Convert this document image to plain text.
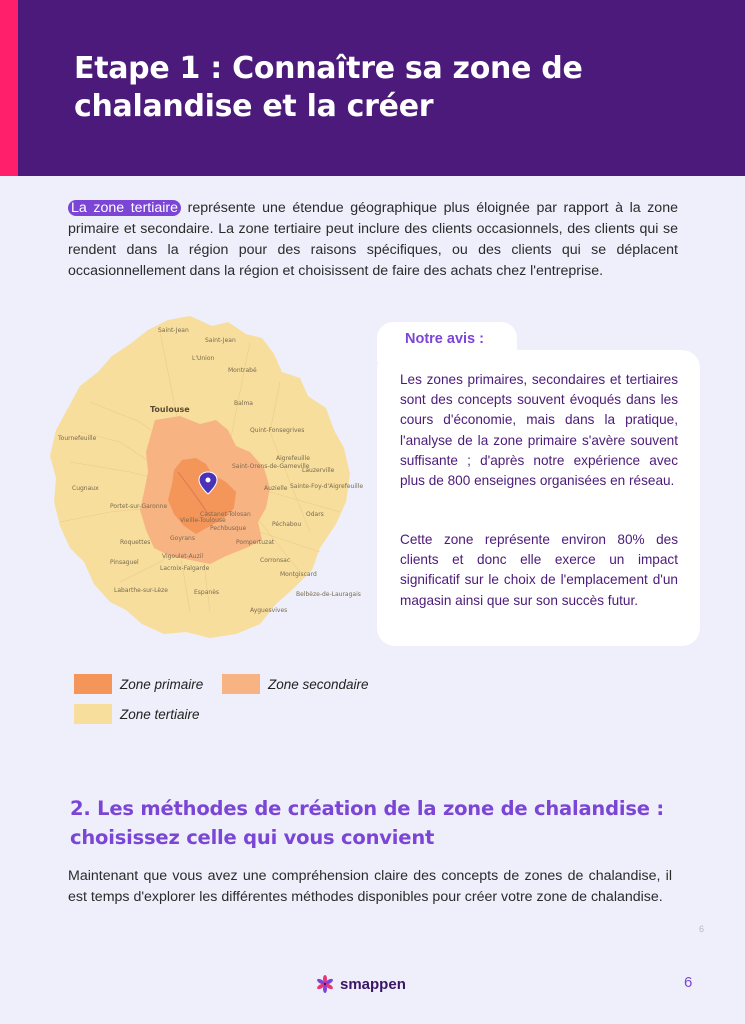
Etape 1 : Connaître sa zone de chalandise et la créer

La zone tertiaire représente une étendue géographique plus éloignée par rapport à la zone primaire et secondaire. La zone tertiaire peut inclure des clients occasionnels, des clients qui se rendent dans la région pour des raisons spécifiques, ou des clients qui se déplacent occasionnellement dans la région et choisissent de faire des achats chez l'entreprise.

Saint-Jean
Saint-Jean
L'Union
Montrabé
Balma
Toulouse
Tournefeuille
Quint-Fonsegrives
Aigrefeuille
Lauzerville
Saint-Orens-de-Gameville
Auzielle Sainte-Foy-d'Aigrefeuille
Cugnaux
Portet-sur-Garonne
Castanet-Tolosan
Pechbusque
Vieille-Toulouse
Goyrans
Pompertuzat
Roquettes
Pinsaguel
Lacroix-Falgarde
Labarthe-sur-Lèze	Espanès
Corronsac
Montgiscard
Ayguesvives
Belbèze-de-Lauragais
Odars
Péchabou
Vigoulet-Auzil
Notre avis :

Les zones primaires, secondaires et tertiaires sont des concepts souvent évoqués dans les cours d'économie, mais dans la pratique, l'analyse de la zone primaire s'avère souvent suffisante ; d'après notre expérience avec plus de 800 enseignes organisées en réseau.

Cette zone représente environ 80% des clients et donc elle exerce un impact significatif sur le choix de l'emplacement d'un magasin ainsi que sur son succès futur.

Zone primaire	Zone secondaire
Zone tertiaire
2. Les méthodes de création de la zone de chalandise : choisissez celle qui vous convient

Maintenant que vous avez une compréhension claire des concepts de zones de chalandise, il est temps d'explorer les différentes méthodes disponibles pour créer votre zone de chalandise.

6
smappen	6
